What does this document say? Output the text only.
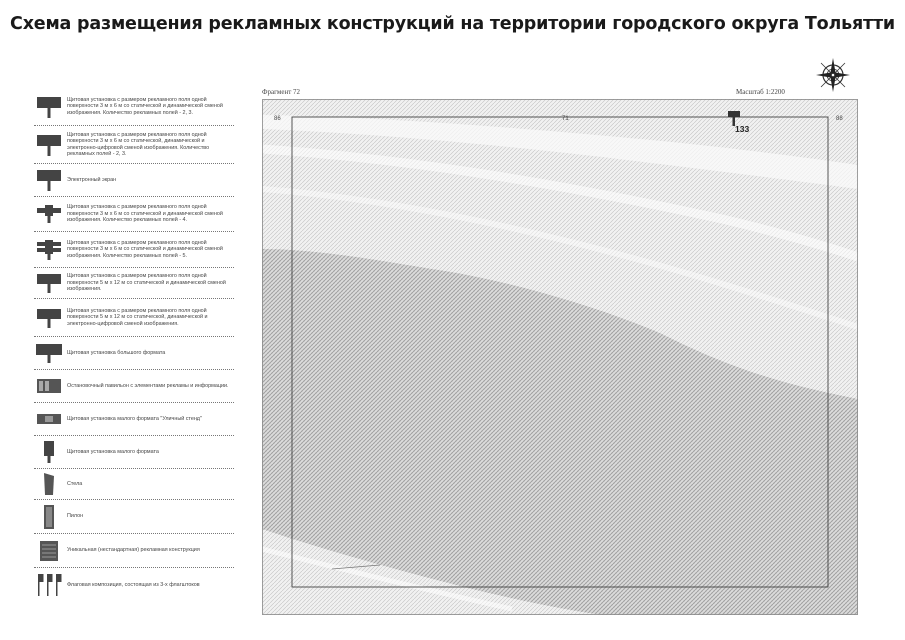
Схема размещения рекламных конструкций на территории городского округа Тольятти
Щитовая установка с размером рекламного поля одной поверхности 3 м х 6 м со статической и динамической сменой изображения. Количество рекламных полей - 2, 3.
Щитовая установка с размером рекламного поля одной поверхности 3 м х 6 м со статической, динамической и электронно-цифровой сменой изображения. Количество рекламных полей - 2, 3.
Электронный экран
Щитовая установка с размером рекламного поля одной поверхности 3 м х 6 м со статической и динамической сменой изображения. Количество рекламных полей - 4.
Щитовая установка с размером рекламного поля одной поверхности 3 м х 6 м со статической и динамической сменой изображения. Количество рекламных полей - 5.
Щитовая установка с размером рекламного поля одной поверхности 5 м х 12 м со статической и динамической сменой изображения.
Щитовая установка с размером рекламного поля одной поверхности 5 м х 12 м со статической, динамической и электронно-цифровой сменой изображения.
Щитовая установка большого формата
Остановочный павильон с элементами рекламы и информации.
Щитовая установка малого формата "Уличный стенд"
Щитовая установка малого формата
Стела
Пилон
Уникальная (нестандартная) рекламная конструкция
Флаговая композиция, состоящая из 3-х флагштоков
Фрагмент 72	Масштаб 1:2200
86	71	88
133
